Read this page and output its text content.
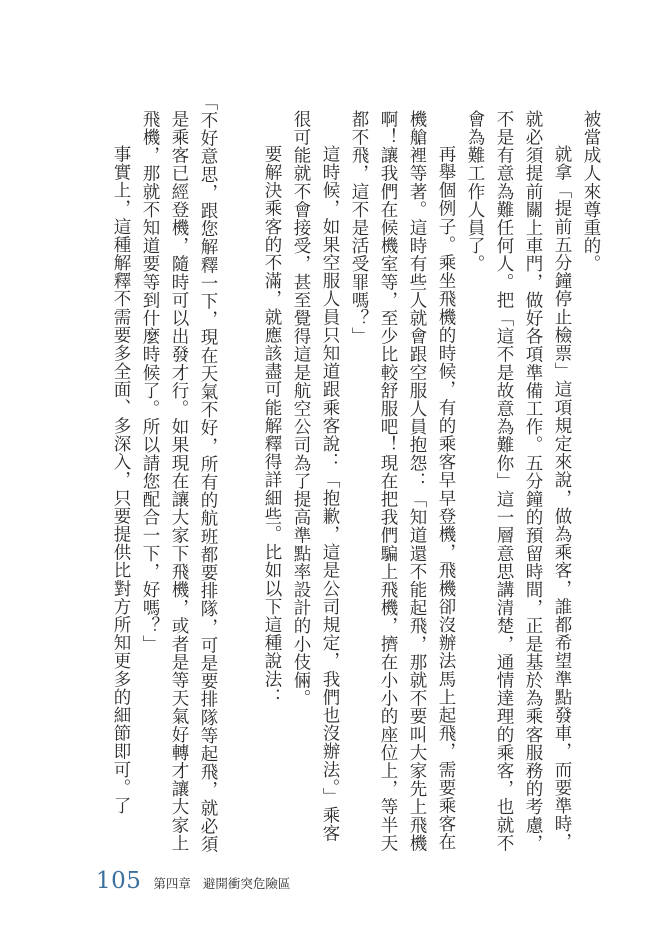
被當成人來尊重的。

就拿「提前五分鐘停止檢票」這項規定來說，做為乘客，誰都希望準點發車，而要準時，就必須提前關上車門，做好各項準備工作。五分鐘的預留時間，正是基於為乘客服務的考慮，不是有意為難任何人。把「這不是故意為難你」這一層意思講清楚，通情達理的乘客，也就不會為難工作人員了。

再舉個例子。乘坐飛機的時候，有的乘客早早登機，飛機卻沒辦法馬上起飛，需要乘客在機艙裡等著。這時有些人就會跟空服人員抱怨：「知道還不能起飛，那就不要叫大家先上飛機啊！讓我們在候機室等，至少比較舒服吧！現在把我們騙上飛機，擠在小小的座位上，等半天都不飛，這不是活受罪嗎？」

這時候，如果空服人員只知道跟乘客說：「抱歉，這是公司規定，我們也沒辦法。」乘客很可能就不會接受，甚至覺得這是航空公司為了提高準點率設計的小伎倆。

要解決乘客的不滿，就應該盡可能解釋得詳細些。比如以下這種說法：

「不好意思，跟您解釋一下，現在天氣不好，所有的航班都要排隊，可是要排隊等起飛，就必須是乘客已經登機，隨時可以出發才行。如果現在讓大家下飛機，或者是等天氣好轉才讓大家上飛機，那就不知道要等到什麼時候了。所以請您配合一下，好嗎？」

事實上，這種解釋不需要多全面、多深入，只要提供比對方所知更多的細節即可。了

105 第四章 避開衝突危險區
